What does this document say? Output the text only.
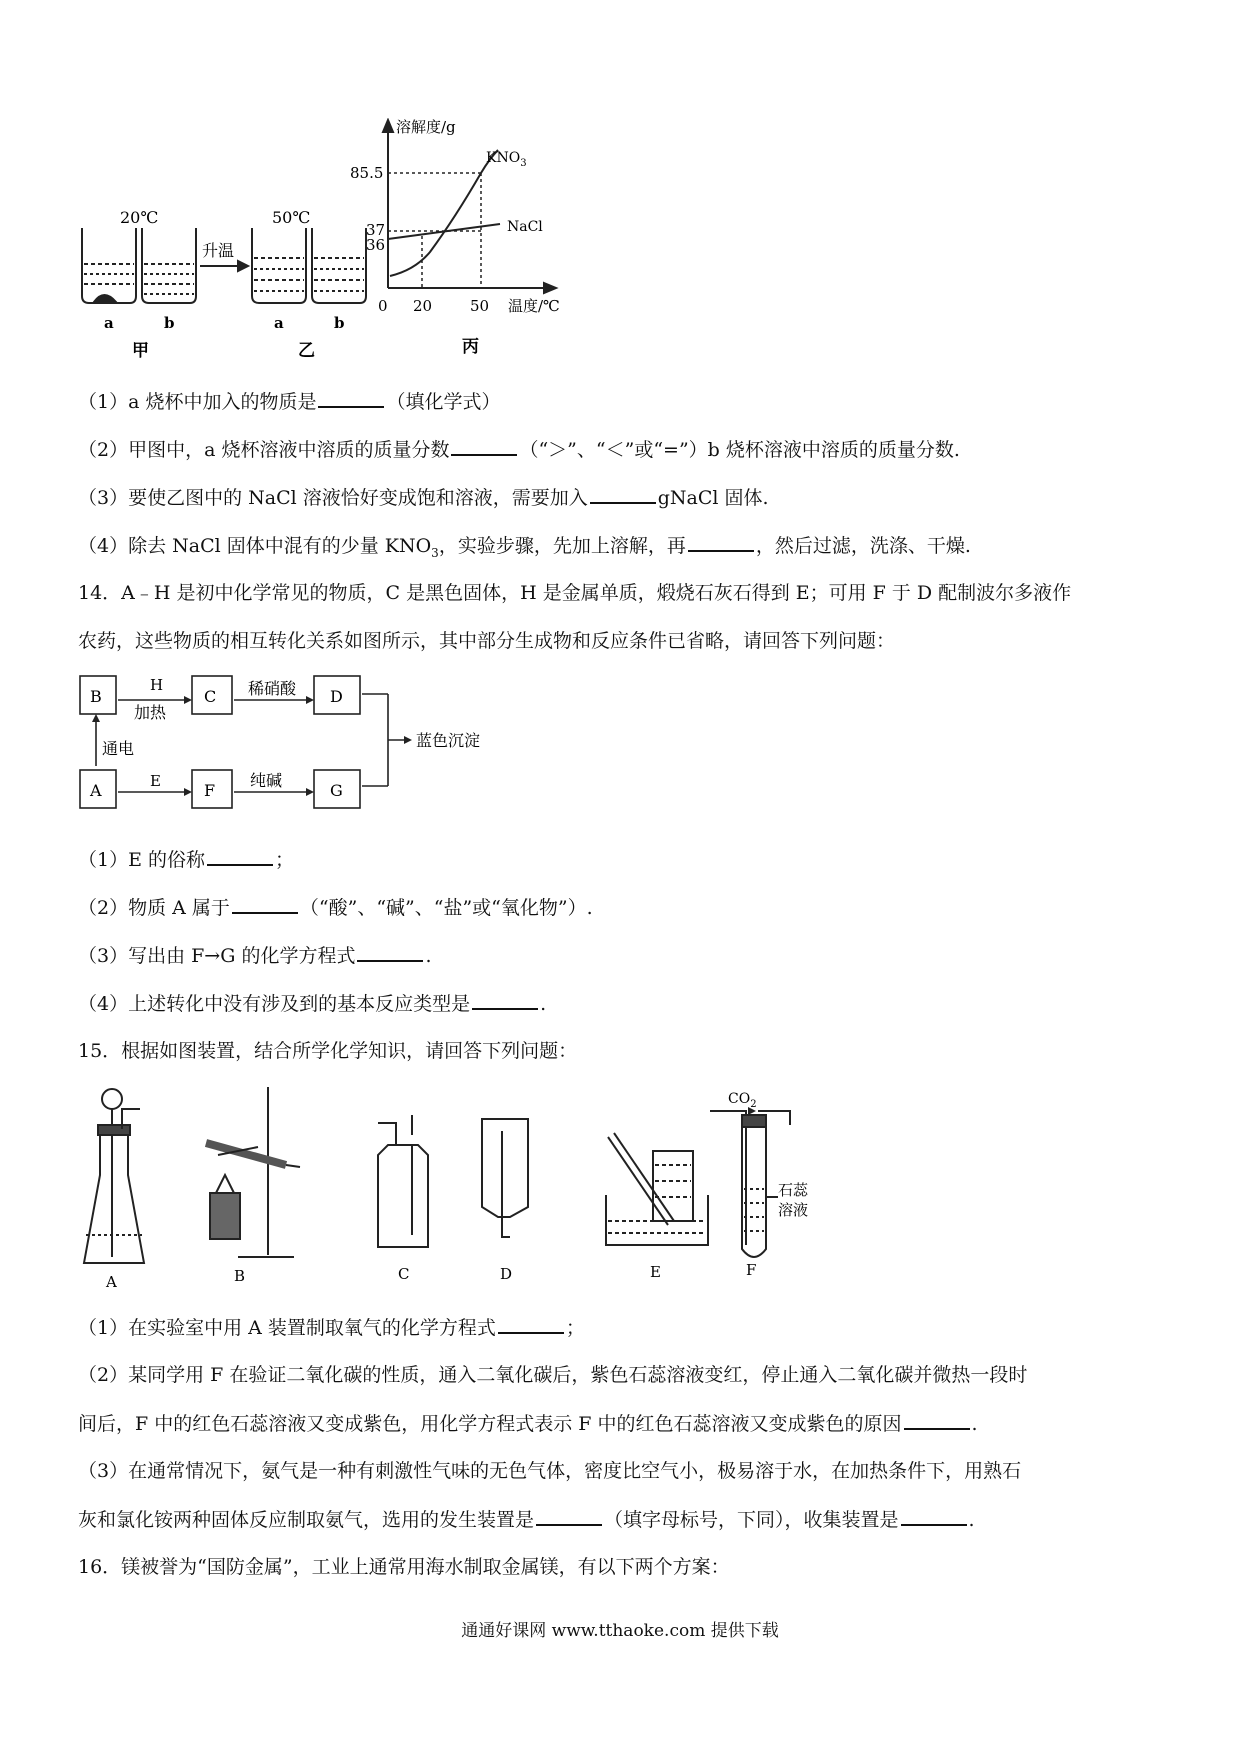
20℃	50℃
升温
a	b	a	b
甲	乙
溶解度/g
温度/℃
85.5
37
36
0 20	50
$KNO_3$
NaCl
丙
（1）a 烧杯中加入的物质是	（填化学式）
（2）甲图中，a 烧杯溶液中溶质的质量分数	（“＞”、“＜”或“=”）b 烧杯溶液中溶质的质量分数.
（3）要使乙图中的 NaCl 溶液恰好变成饱和溶液，需要加入	gNaCl 固体.
（4）除去 NaCl 固体中混有的少量 $KNO_3$，实验步骤，先加上溶解，再	，然后过滤，洗涤、干燥.
14．A﹣H 是初中化学常见的物质，C 是黑色固体，H 是金属单质，煅烧石灰石得到 E；可用 F 于 D 配制波尔多液作
农药，这些物质的相互转化关系如图所示，其中部分生成物和反应条件已省略，请回答下列问题：
B	C	D
A	F	G
H
加热
稀硝酸
通电
E	纯碱
蓝色沉淀
（1）E 的俗称	；
（2）物质 A 属于	（“酸”、“碱”、“盐”或“氧化物”）.
（3）写出由 F→G 的化学方程式	.
（4）上述转化中没有涉及到的基本反应类型是	.
15．根据如图装置，结合所学化学知识，请回答下列问题：
A	B	C	D	E	F
$CO_2$
石蕊
溶液
（1）在实验室中用 A 装置制取氧气的化学方程式	；
（2）某同学用 F 在验证二氧化碳的性质，通入二氧化碳后，紫色石蕊溶液变红，停止通入二氧化碳并微热一段时
间后，F 中的红色石蕊溶液又变成紫色，用化学方程式表示 F 中的红色石蕊溶液又变成紫色的原因	.
（3）在通常情况下，氨气是一种有刺激性气味的无色气体，密度比空气小，极易溶于水，在加热条件下，用熟石
灰和氯化铵两种固体反应制取氨气，选用的发生装置是	（填字母标号，下同），收集装置是	.
16．镁被誉为“国防金属”，工业上通常用海水制取金属镁，有以下两个方案：
通通好课网 www.tthaoke.com 提供下载
